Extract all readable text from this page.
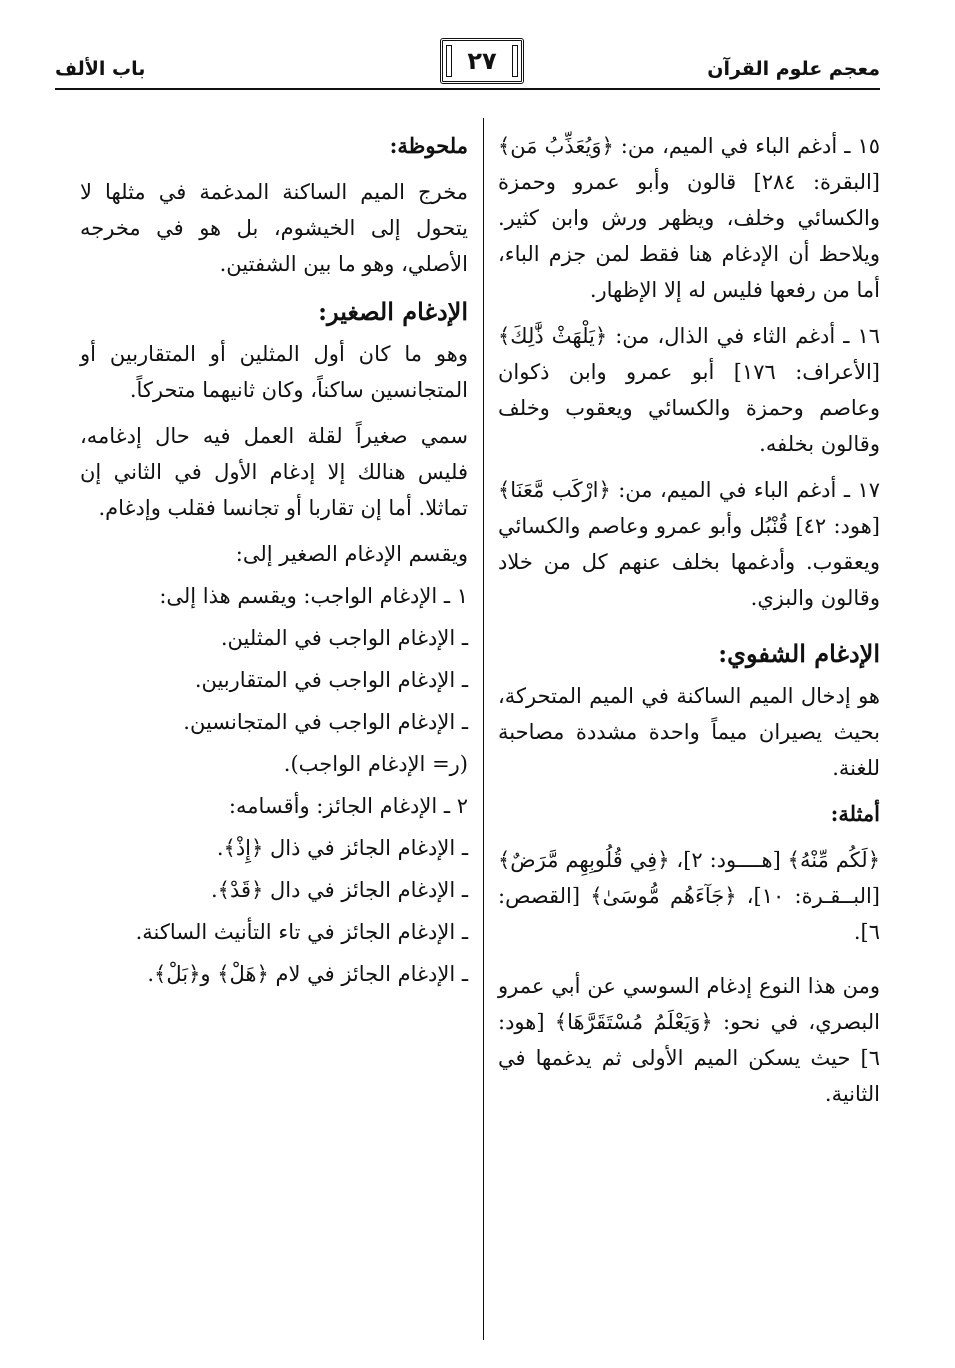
باب الألف	٢٧	معجم علوم القرآن

١٥ ـ أدغم الباء في الميم، من: ﴿وَيُعَذِّبُ مَن﴾ [البقرة: ٢٨٤] قالون وأبو عمرو وحمزة والكسائي وخلف، ويظهر ورش وابن كثير. ويلاحظ أن الإدغام هنا فقط لمن جزم الباء، أما من رفعها فليس له إلا الإظهار.

١٦ ـ أدغم الثاء في الذال، من: ﴿يَلْهَثْ ذَّٰلِكَ﴾ [الأعراف: ١٧٦] أبو عمرو وابن ذكوان وعاصم وحمزة والكسائي ويعقوب وخلف وقالون بخلفه.

١٧ ـ أدغم الباء في الميم، من: ﴿ارْكَب مَّعَنَا﴾ [هود: ٤٢] قُنْبُل وأبو عمرو وعاصم والكسائي ويعقوب. وأدغمها بخلف عنهم كل من خلاد وقالون والبزي.

الإدغام الشفوي:

هو إدخال الميم الساكنة في الميم المتحركة، بحيث يصيران ميماً واحدة مشددة مصاحبة للغنة.

أمثلة:

﴿لَكُم مِّنْهُ﴾ [هــــود: ٢]، ﴿فِي قُلُوبِهِم مَّرَضٌ﴾ [البــقـرة: ١٠]، ﴿جَآءَهُم مُّوسَىٰ﴾ [القصص: ٦].

ومن هذا النوع إدغام السوسي عن أبي عمرو البصري، في نحو: ﴿وَيَعْلَمُ مُسْتَقَرَّهَا﴾ [هود: ٦] حيث يسكن الميم الأولى ثم يدغمها في الثانية.

ملحوظة:

مخرج الميم الساكنة المدغمة في مثلها لا يتحول إلى الخيشوم، بل هو في مخرجه الأصلي، وهو ما بين الشفتين.

الإدغام الصغير:

وهو ما كان أول المثلين أو المتقاربين أو المتجانسين ساكناً، وكان ثانيهما متحركاً.

سمي صغيراً لقلة العمل فيه حال إدغامه، فليس هنالك إلا إدغام الأول في الثاني إن تماثلا. أما إن تقاربا أو تجانسا فقلب وإدغام.

ويقسم الإدغام الصغير إلى:

١ ـ الإدغام الواجب: ويقسم هذا إلى:

ـ الإدغام الواجب في المثلين.

ـ الإدغام الواجب في المتقاربين.

ـ الإدغام الواجب في المتجانسين.

(ر= الإدغام الواجب).

٢ ـ الإدغام الجائز: وأقسامه:

ـ الإدغام الجائز في ذال ﴿إِذْ﴾.

ـ الإدغام الجائز في دال ﴿قَدْ﴾.

ـ الإدغام الجائز في تاء التأنيث الساكنة.

ـ الإدغام الجائز في لام ﴿هَلْ﴾ و﴿بَلْ﴾.
